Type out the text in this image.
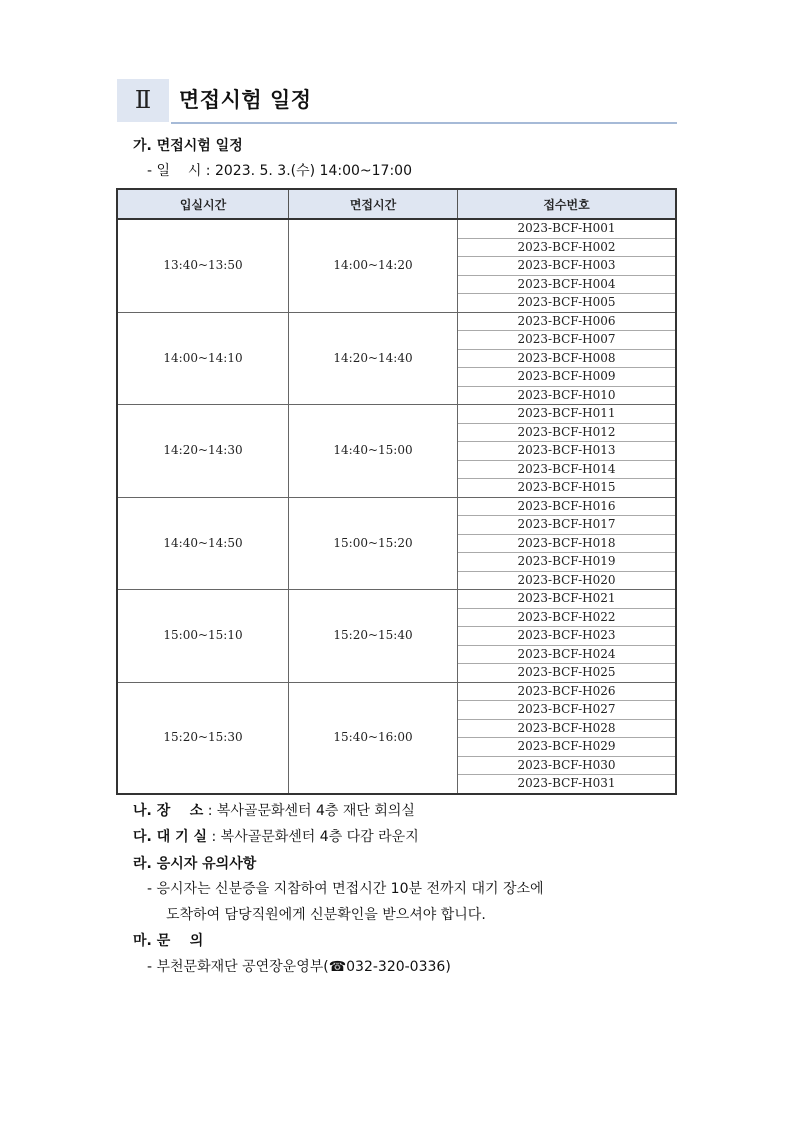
Ⅱ	면접시험 일정
가. 면접시험 일정
- 일    시 : 2023. 5. 3.(수) 14:00~17:00
입실시간	면접시간	접수번호
13:40~13:50	14:00~14:20	2023-BCF-H001
		2023-BCF-H002
		2023-BCF-H003
		2023-BCF-H004
		2023-BCF-H005
14:00~14:10	14:20~14:40	2023-BCF-H006
		2023-BCF-H007
		2023-BCF-H008
		2023-BCF-H009
		2023-BCF-H010
14:20~14:30	14:40~15:00	2023-BCF-H011
		2023-BCF-H012
		2023-BCF-H013
		2023-BCF-H014
		2023-BCF-H015
14:40~14:50	15:00~15:20	2023-BCF-H016
		2023-BCF-H017
		2023-BCF-H018
		2023-BCF-H019
		2023-BCF-H020
15:00~15:10	15:20~15:40	2023-BCF-H021
		2023-BCF-H022
		2023-BCF-H023
		2023-BCF-H024
		2023-BCF-H025
15:20~15:30	15:40~16:00	2023-BCF-H026
		2023-BCF-H027
		2023-BCF-H028
		2023-BCF-H029
		2023-BCF-H030
		2023-BCF-H031
나. 장    소 : 복사골문화센터 4층 재단 회의실
다. 대 기 실 : 복사골문화센터 4층 다감 라운지
라. 응시자 유의사항
- 응시자는 신분증을 지참하여 면접시간 10분 전까지 대기 장소에
도착하여 담당직원에게 신분확인을 받으셔야 합니다.
마. 문    의
- 부천문화재단 공연장운영부(☎032-320-0336)
